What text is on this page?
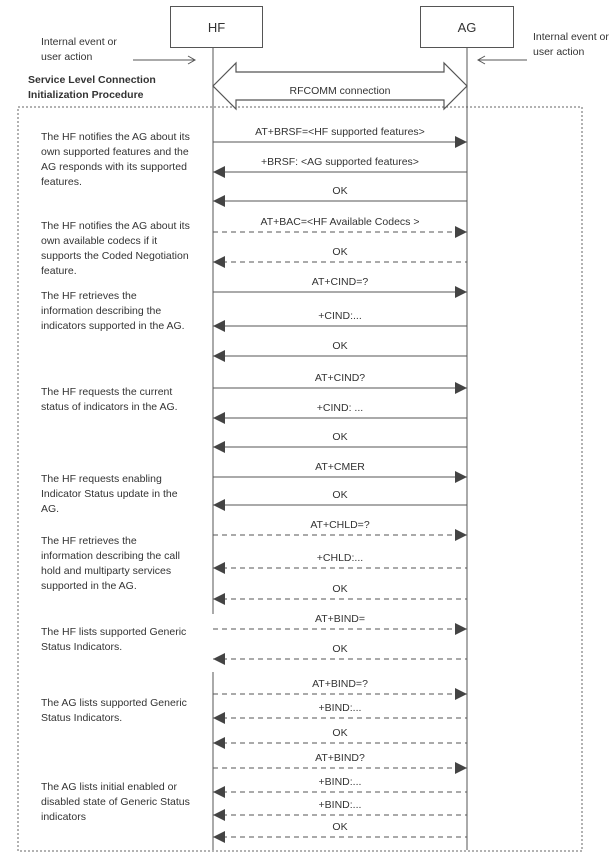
HF	AG
Internal event or user action
Internal event or user action
Service Level Connection Initialization Procedure	RFCOMM connection
The HF notifies the AG about its own supported features and the AG responds with its supported features.
The HF notifies the AG about its own available codecs if it supports the Coded Negotiation feature.
The HF retrieves the information describing the indicators supported in the AG.
The HF requests the current status of indicators in the AG.
The HF requests enabling Indicator Status update in the AG.
The HF retrieves the information describing the call hold and multiparty services supported in the AG.
The HF lists supported Generic Status Indicators.
The AG lists supported Generic Status Indicators.
The AG lists initial enabled or disabled state of Generic Status indicators
AT+BRSF=<HF supported features>
+BRSF: <AG supported features>
OK
AT+BAC=<HF Available Codecs >
OK
AT+CIND=?
+CIND:...
OK
AT+CIND?
+CIND: ...
OK
AT+CMER
OK
AT+CHLD=?
+CHLD:...
OK
AT+BIND=
OK
AT+BIND=?
+BIND:...
OK
AT+BIND?
+BIND:...
+BIND:...
OK
